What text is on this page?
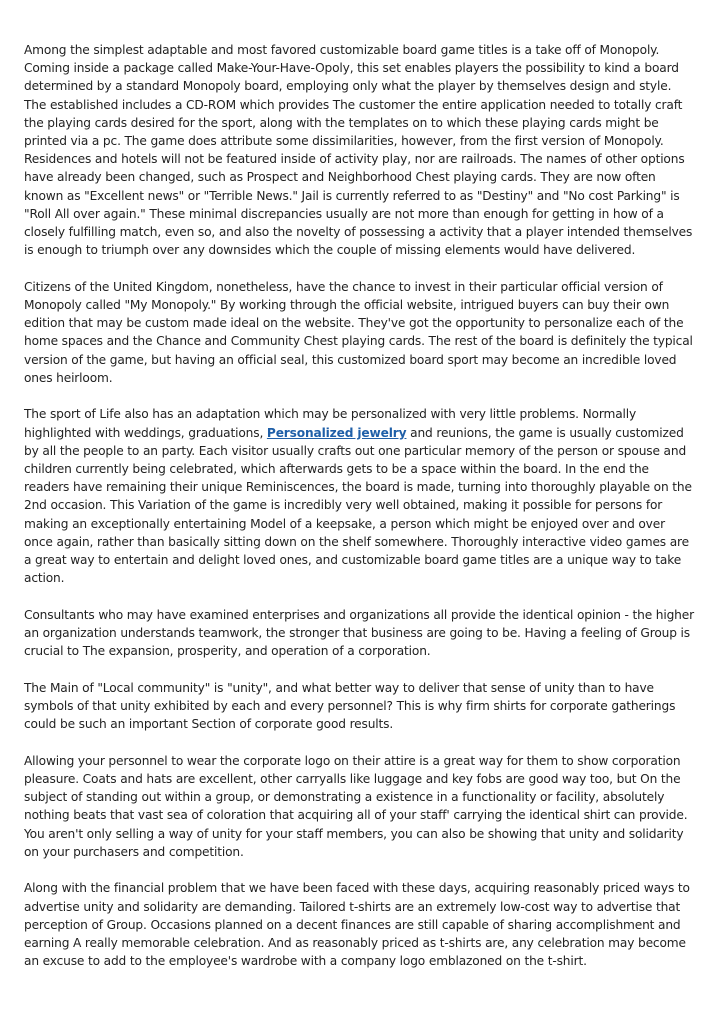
Among the simplest adaptable and most favored customizable board game titles is a take off of Monopoly. Coming inside a package called Make-Your-Have-Opoly, this set enables players the possibility to kind a board determined by a standard Monopoly board, employing only what the player by themselves design and style. The established includes a CD-ROM which provides The customer the entire application needed to totally craft the playing cards desired for the sport, along with the templates on to which these playing cards might be printed via a pc. The game does attribute some dissimilarities, however, from the first version of Monopoly. Residences and hotels will not be featured inside of activity play, nor are railroads. The names of other options have already been changed, such as Prospect and Neighborhood Chest playing cards. They are now often known as "Excellent news" or "Terrible News." Jail is currently referred to as "Destiny" and "No cost Parking" is "Roll All over again." These minimal discrepancies usually are not more than enough for getting in how of a closely fulfilling match, even so, and also the novelty of possessing a activity that a player intended themselves is enough to triumph over any downsides which the couple of missing elements would have delivered.

Citizens of the United Kingdom, nonetheless, have the chance to invest in their particular official version of Monopoly called "My Monopoly." By working through the official website, intrigued buyers can buy their own edition that may be custom made ideal on the website. They've got the opportunity to personalize each of the home spaces and the Chance and Community Chest playing cards. The rest of the board is definitely the typical version of the game, but having an official seal, this customized board sport may become an incredible loved ones heirloom.

The sport of Life also has an adaptation which may be personalized with very little problems. Normally highlighted with weddings, graduations, Personalized jewelry and reunions, the game is usually customized by all the people to an party. Each visitor usually crafts out one particular memory of the person or spouse and children currently being celebrated, which afterwards gets to be a space within the board. In the end the readers have remaining their unique Reminiscences, the board is made, turning into thoroughly playable on the 2nd occasion. This Variation of the game is incredibly very well obtained, making it possible for persons for making an exceptionally entertaining Model of a keepsake, a person which might be enjoyed over and over once again, rather than basically sitting down on the shelf somewhere. Thoroughly interactive video games are a great way to entertain and delight loved ones, and customizable board game titles are a unique way to take action.

Consultants who may have examined enterprises and organizations all provide the identical opinion - the higher an organization understands teamwork, the stronger that business are going to be. Having a feeling of Group is crucial to The expansion, prosperity, and operation of a corporation.

The Main of "Local community" is "unity", and what better way to deliver that sense of unity than to have symbols of that unity exhibited by each and every personnel? This is why firm shirts for corporate gatherings could be such an important Section of corporate good results.

Allowing your personnel to wear the corporate logo on their attire is a great way for them to show corporation pleasure. Coats and hats are excellent, other carryalls like luggage and key fobs are good way too, but On the subject of standing out within a group, or demonstrating a existence in a functionality or facility, absolutely nothing beats that vast sea of coloration that acquiring all of your staff' carrying the identical shirt can provide. You aren't only selling a way of unity for your staff members, you can also be showing that unity and solidarity on your purchasers and competition.

Along with the financial problem that we have been faced with these days, acquiring reasonably priced ways to advertise unity and solidarity are demanding. Tailored t-shirts are an extremely low-cost way to advertise that perception of Group. Occasions planned on a decent finances are still capable of sharing accomplishment and earning A really memorable celebration. And as reasonably priced as t-shirts are, any celebration may become an excuse to add to the employee's wardrobe with a company logo emblazoned on the t-shirt.
